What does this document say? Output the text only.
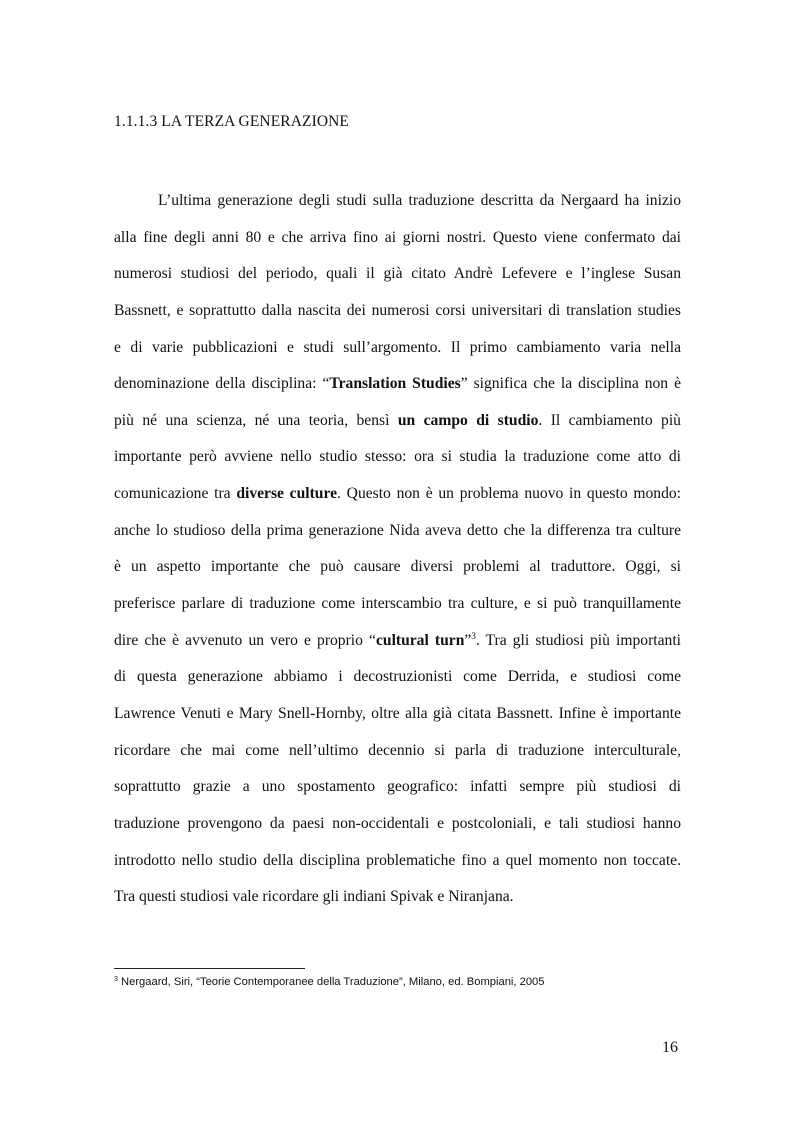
1.1.1.3 LA TERZA GENERAZIONE
L’ultima generazione degli studi sulla traduzione descritta da Nergaard ha inizio
alla fine degli anni 80 e che arriva fino ai giorni nostri. Questo viene confermato dai
numerosi studiosi del periodo, quali il già citato Andrè Lefevere e l’inglese Susan
Bassnett, e soprattutto dalla nascita dei numerosi corsi universitari di translation studies
e di varie pubblicazioni e studi sull’argomento. Il primo cambiamento varia nella
denominazione della disciplina: “Translation Studies” significa che la disciplina non è
più né una scienza, né una teoria, bensì un campo di studio. Il cambiamento più
importante però avviene nello studio stesso: ora si studia la traduzione come atto di
comunicazione tra diverse culture. Questo non è un problema nuovo in questo mondo:
anche lo studioso della prima generazione Nida aveva detto che la differenza tra culture
è un aspetto importante che può causare diversi problemi al traduttore. Oggi, si
preferisce parlare di traduzione come interscambio tra culture, e si può tranquillamente
dire che è avvenuto un vero e proprio “cultural turn”$^3$. Tra gli studiosi più importanti
di questa generazione abbiamo i decostruzionisti come Derrida, e studiosi come
Lawrence Venuti e Mary Snell-Hornby, oltre alla già citata Bassnett. Infine è importante
ricordare che mai come nell’ultimo decennio si parla di traduzione interculturale,
soprattutto grazie a uno spostamento geografico: infatti sempre più studiosi di
traduzione provengono da paesi non-occidentali e postcoloniali, e tali studiosi hanno
introdotto nello studio della disciplina problematiche fino a quel momento non toccate.
Tra questi studiosi vale ricordare gli indiani Spivak e Niranjana.
$^3$ Nergaard, Siri, “Teorie Contemporanee della Traduzione”, Milano, ed. Bompiani, 2005
16
